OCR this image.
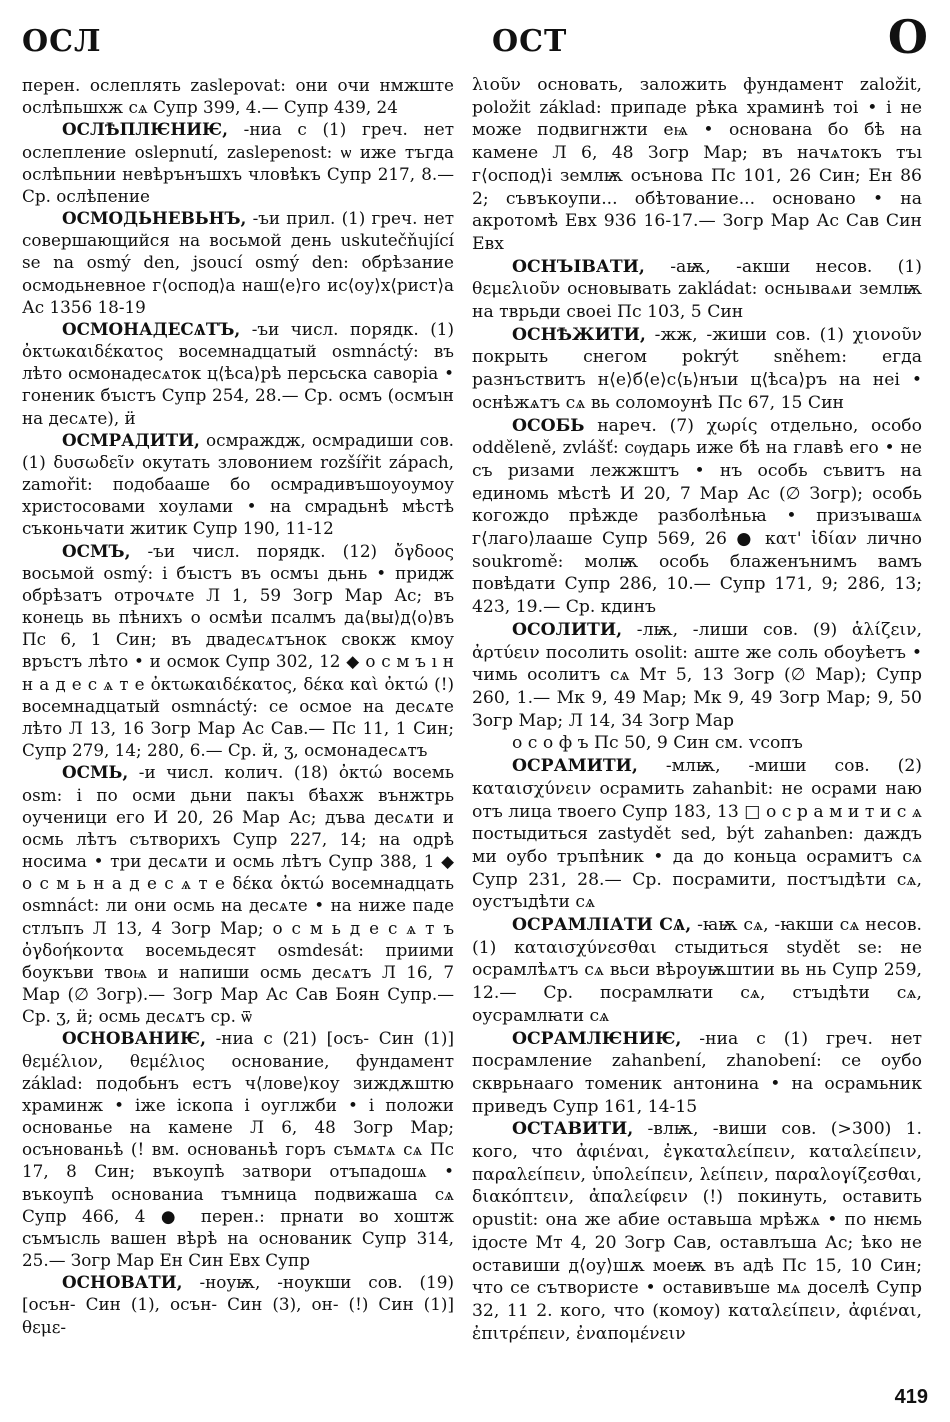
ОСЛ	ОСТ	О

перен. ослеплять zaslepovat: они очи нмжште ослѣпьшхж сѧ Супр 399, 4.— Супр 439, 24

ОСЛѢПЛѤНИѤ, -ниа с (1) греч. нет ослепление oslepnutí, zaslepenost: ѡ иже тъгда ослѣпьнии невѣрънъшхъ чловѣкъ Супр 217, 8.— Ср. ослѣпение

ОСМОДЬНЕВЬНЪ, -ъи прил. (1) греч. нет совершающийся на восьмой день uskutečňující se na osmý den, jsoucí osmý den: обрѣзание осмодьневное г⟨оспод⟩а наш⟨е⟩го ис⟨оу⟩х⟨рист⟩а Ас 1356 18-19

ОСМОНАДЕСѦТЪ, -ъи числ. порядк. (1) ὀκτωκαιδέκατος восемнадцатый osmnáctý: въ лѣто осмонадесѧток ц⟨ѣса⟩рѣ персьска саворіа • гоненик бъıстъ Супр 254, 28.— Ср. осмъ (осмъıн на десѧте), ӥ

ОСМРАДИТИ, осмраждж, осмрадиши сов. (1) δυσωδεῖν окутать зловонием rozšířit zápach, zamořit: подобааше бо осмрадивъшоуоумоу христосовами хоулами • на смрадьнѣ мѣстѣ съконьчати житик Супр 190, 11-12

ОСМЪ, -ъи числ. порядк. (12) ὄγδοος восьмой osmý: і бъıстъ въ осмъı дьнь • придж обрѣзатъ отрочѧте Л 1, 59 Зогр Мар Ас; въ конець вь пѣнихъ о осмѣи псалмъ да⟨вы⟩д⟨о⟩въ Пс 6, 1 Син; въ двадесѧтънок свокж кмоу връстъ лѣто • и осмок Супр 302, 12 ◆ о с м ъ ı н н а д е с ѧ т е ὀκτωκαιδέκατος, δέκα καὶ ὀκτώ (!) восемнадцатый osmnáctý: се осмое на десѧте лѣто Л 13, 16 Зогр Мар Ас Сав.— Пс 11, 1 Син; Супр 279, 14; 280, 6.— Ср. ӥ, ӡ, осмонадесѧтъ

ОСМЬ, -и числ. колич. (18) ὀκτώ восемь osm: і по осми дьни пакъı бѣахж вънжтрь оученици его И 20, 26 Мар Ас; дъва десѧти и осмь лѣтъ сътворихъ Супр 227, 14; на одрѣ носима • три десѧти и осмь лѣтъ Супр 388, 1 ◆ о с м ь н а д е с ѧ т е δέκα ὀκτώ восемнадцать osmnáct: ли они осмь на десѧте • на ниже паде стлъпъ Л 13, 4 Зогр Мар; о с м ь д е с ѧ т ъ ὀγδοήκοντα восемьдесят osmdesát: приими боукъви твоѩ и напиши осмь десѧтъ Л 16, 7 Мар (∅ Зогр).— Зогр Мар Ас Сав Боян Супр.— Ср. ӡ, ӥ; осмь десѧтъ ср. ѿ

ОСНОВАНИѤ, -ниа с (21) [осъ- Син (1)] θεμέλιον, θεμέλιος основание, фундамент základ: подобьнъ естъ ч⟨лове⟩коу зиждѫштю храминж • іже іскопа і оуглжби • і положи основанье на камене Л 6, 48 Зогр Мар; осънованьѣ (! вм. основаньѣ горъ съмѧтѧ сѧ Пс 17, 8 Син; въкоупѣ затвори отъпадошѧ • въкоупѣ основаниа тъмница подвижаша сѧ Супр 466, 4 ● перен.: прнати во хоштж съмъıсль вашен вѣрѣ на основаник Супр 314, 25.— Зогр Мар Ен Син Евх Супр

ОСНОВАТИ, -ноуѭ, -ноукши сов. (19) [осън- Син (1), осън- Син (3), он- (!) Син (1)] θεμε-

λιοῦν основать, заложить фундамент založit, položit základ: припаде рѣка храминѣ тоі • і не може подвигнжти еѩ • основана бо бѣ на камене Л 6, 48 Зогр Мар; въ начѧтокъ тъı г⟨оспод⟩і землѭ осънова Пс 101, 26 Син; Ен 86 2; съвъкоупи... обѣтование... основано • на акротомѣ Евх 936 16-17.— Зогр Мар Ас Сав Син Евх

ОСНЪІВАТИ, -аѭ, -акши несов. (1) θεμελιοῦν основывать zakládat: осньıваѧи землѭ на тврьди своеі Пс 103, 5 Син

ОСНѢЖИТИ, -жж, -жиши сов. (1) χιονοῦν покрыть снегом pokrýt sněhem: егда разнъствитъ н⟨е⟩б⟨е⟩с⟨ь⟩нъıи ц⟨ѣса⟩ръ на неі • оснѣжѧтъ сѧ вь соломоунѣ Пс 67, 15 Син

ОСОБЬ нареч. (7) χωρίς отдельно, особо odděleně, zvlášť: сѹдарь иже бѣ на главѣ его • не съ ризами лежжштъ • нъ особь съвитъ на единомь мѣстѣ И 20, 7 Мар Ас (∅ Зогр); особь когождо прѣжде разболѣньꙗ • призъıвашѧ г⟨лаго⟩лааше Супр 569, 26 ● κατ' ἰδίαν лично soukromě: молѭ особь блаженънимъ вамъ повѣдати Супр 286, 10.— Супр 171, 9; 286, 13; 423, 19.— Ср. кдинъ

ОСОЛИТИ, -лѭ, -лиши сов. (9) ἁλίζειν, ἀρτύειν посолить osolit: аште же соль обоуѣетъ • чимь осолитъ сѧ Мт 5, 13 Зогр (∅ Мар); Супр 260, 1.— Мк 9, 49 Мар; Мк 9, 49 Зогр Мар; 9, 50 Зогр Мар; Л 14, 34 Зогр Мар

о с о ф ъ Пс 50, 9 Син см. ѵсопъ

ОСРАМИТИ, -млѭ, -миши сов. (2) καταισχύνειν осрамить zahanbit: не осрами наю отъ лица твоего Супр 183, 13 □ о с р а м и т и с ѧ постыдиться zastydět sed, být zahanben: даждъ ми оубо тръпѣник • да до коньца осрамитъ сѧ Супр 231, 28.— Ср. посрамити, постъıдѣти сѧ, оустъıдѣти сѧ

ОСРАМЛІАТИ СѦ, -ꙗѭ сѧ, -ꙗкши сѧ несов. (1) καταισχύνεσθαι стыдиться stydět se: не осрамлѣѧтъ сѧ вьси вѣроуѭштии вь нь Супр 259, 12.— Ср. посрамлꙗти сѧ, стъıдѣти сѧ, оусрамлꙗти сѧ

ОСРАМЛѤНИѤ, -ниа с (1) греч. нет посрамление zahanbení, zhanobení: се оубо скврьнааго томеник антонина • на осрамьник приведъ Супр 161, 14-15

ОСТАВИТИ, -влѭ, -виши сов. (>300) 1. кого, что ἀφιέναι, ἐγκαταλείπειν, καταλείπειν, παραλείπειν, ὑπολείπειν, λείπειν, παραλογίζεσθαι, διακόπτειν, ἀπαλείφειν (!) покинуть, оставить opustit: она же абие оставьша мрѣжѧ • по нѥмь ідосте Мт 4, 20 Зогр Сав, оставлъша Ас; ѣко не оставиши д⟨оу⟩шѫ моеѭ въ адѣ Пс 15, 10 Син; что се сътвористе • оставивъше мѧ доселѣ Супр 32, 11 2. кого, что (комоу) καταλείπειν, ἀφιέναι, ἐπιτρέπειν, ἐναπομένειν

419
